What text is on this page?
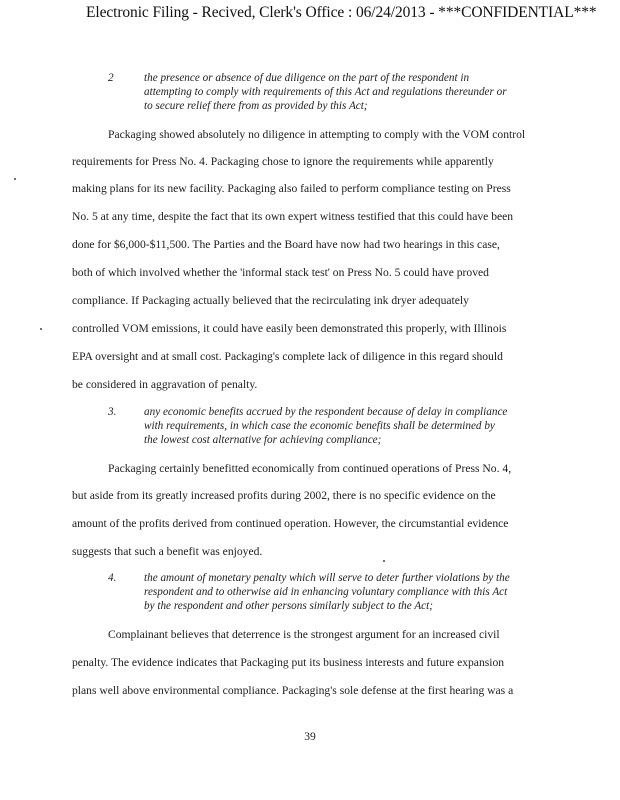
Electronic Filing - Recived, Clerk's Office : 06/24/2013 - ***CONFIDENTIAL***
2	the presence or absence of due diligence on the part of the respondent in
attempting to comply with requirements of this Act and regulations thereunder or
to secure relief there from as provided by this Act;
Packaging showed absolutely no diligence in attempting to comply with the VOM control
requirements for Press No. 4. Packaging chose to ignore the requirements while apparently
making plans for its new facility. Packaging also failed to perform compliance testing on Press
No. 5 at any time, despite the fact that its own expert witness testified that this could have been
done for $6,000-$11,500. The Parties and the Board have now had two hearings in this case,
both of which involved whether the 'informal stack test' on Press No. 5 could have proved
compliance. If Packaging actually believed that the recirculating ink dryer adequately
controlled VOM emissions, it could have easily been demonstrated this properly, with Illinois
EPA oversight and at small cost. Packaging's complete lack of diligence in this regard should
be considered in aggravation of penalty.
3. any economic benefits accrued by the respondent because of delay in compliance
with requirements, in which case the economic benefits shall be determined by
the lowest cost alternative for achieving compliance;
Packaging certainly benefitted economically from continued operations of Press No. 4,
but aside from its greatly increased profits during 2002, there is no specific evidence on the
amount of the profits derived from continued operation. However, the circumstantial evidence
suggests that such a benefit was enjoyed.
4. the amount of monetary penalty which will serve to deter further violations by the
respondent and to otherwise aid in enhancing voluntary compliance with this Act
by the respondent and other persons similarly subject to the Act;
Complainant believes that deterrence is the strongest argument for an increased civil
penalty. The evidence indicates that Packaging put its business interests and future expansion
plans well above environmental compliance. Packaging's sole defense at the first hearing was a
39
